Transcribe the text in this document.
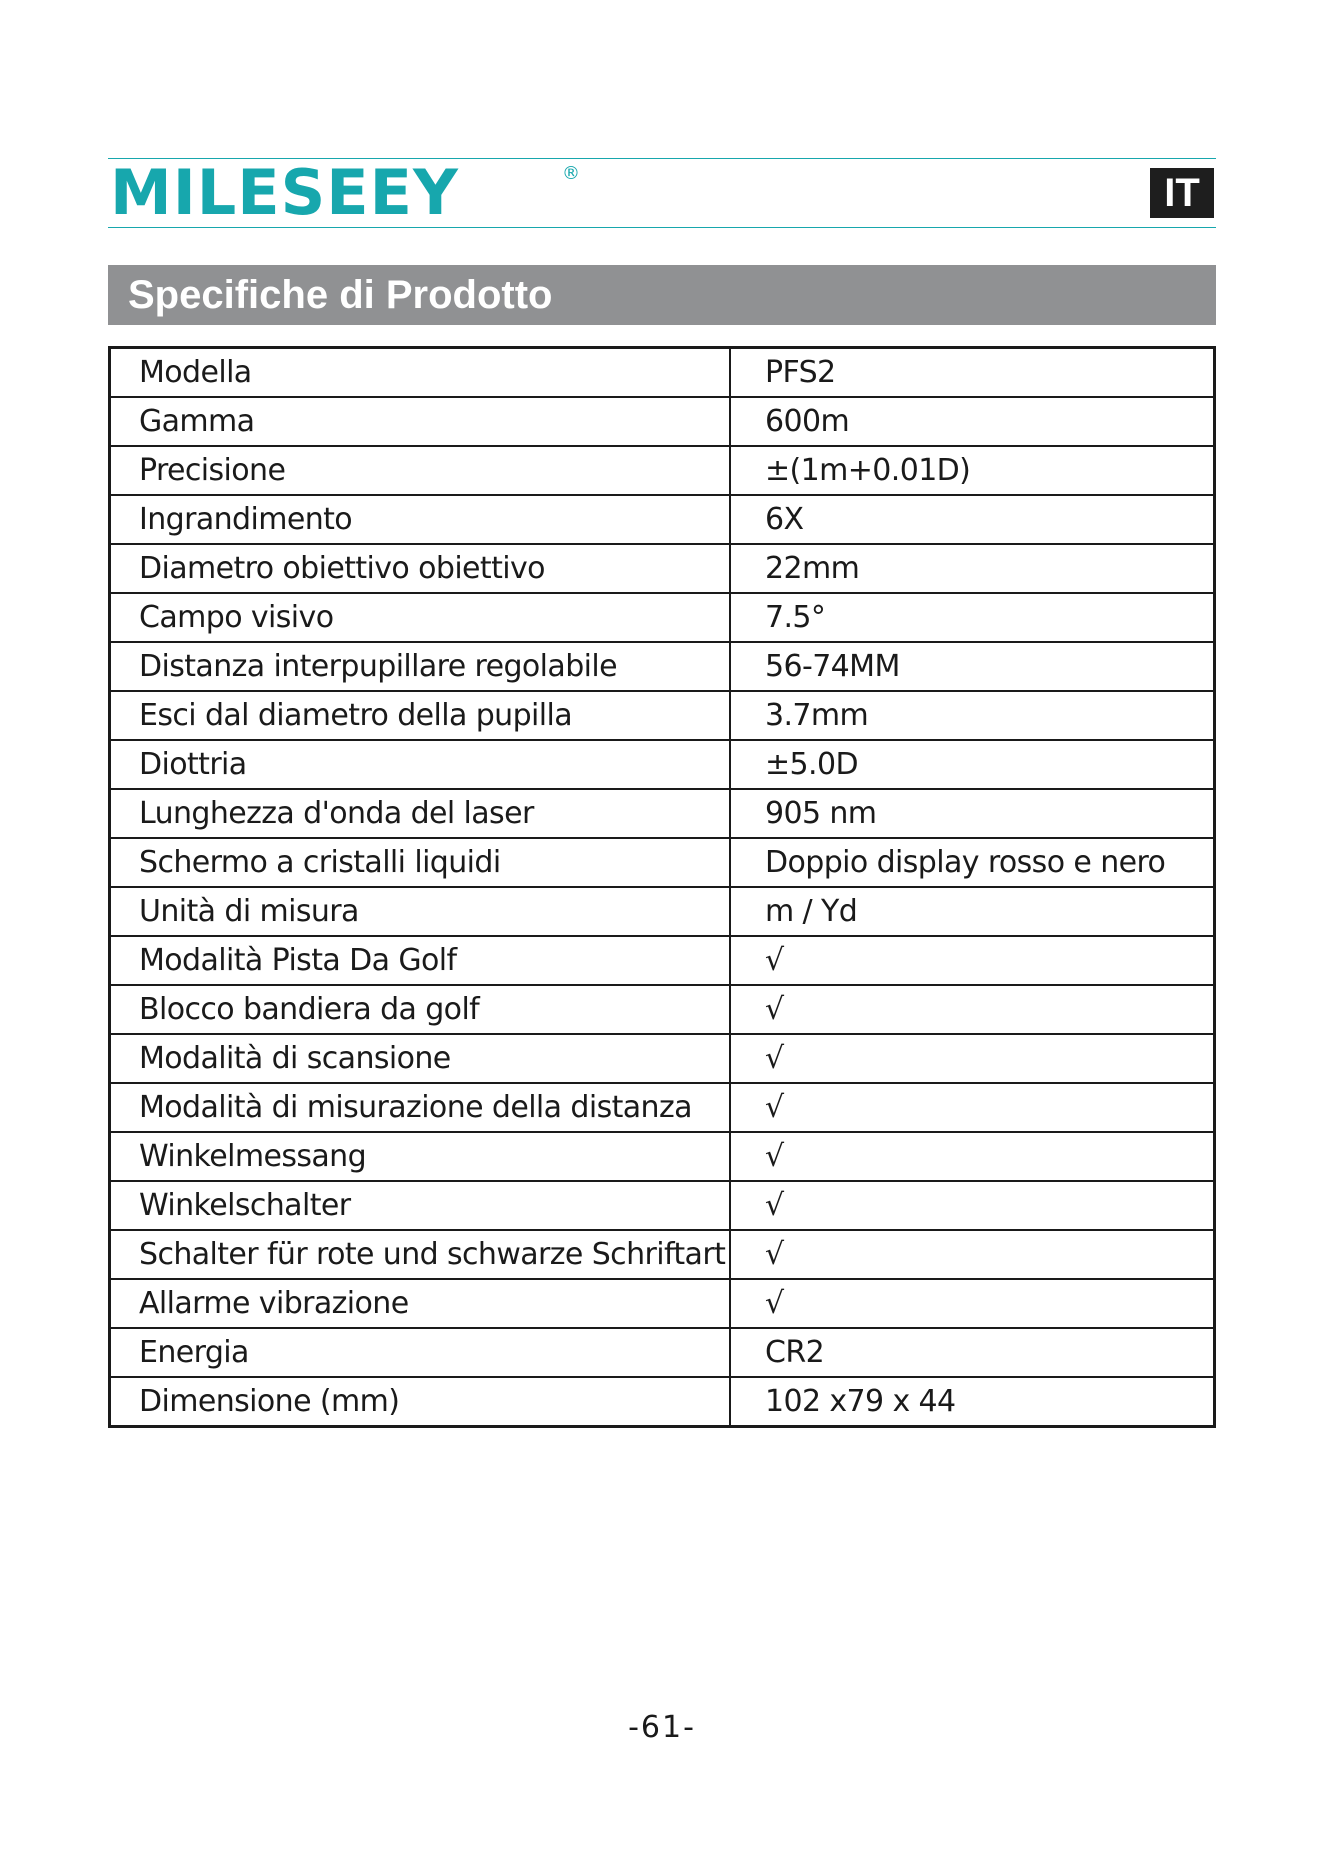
MILESEEY	®	IT
Specifiche di Prodotto
Modella	PFS2
Gamma	600m
Precisione	±(1m+0.01D)
Ingrandimento	6X
Diametro obiettivo obiettivo	22mm
Campo visivo	7.5°
Distanza interpupillare regolabile	56-74MM
Esci dal diametro della pupilla	3.7mm
Diottria	±5.0D
Lunghezza d'onda del laser	905 nm
Schermo a cristalli liquidi	Doppio display rosso e nero
Unità di misura	m / Yd
Modalità Pista Da Golf	√
Blocco bandiera da golf	√
Modalità di scansione	√
Modalità di misurazione della distanza	√
Winkelmessang	√
Winkelschalter	√
Schalter für rote und schwarze Schriftart	√
Allarme vibrazione	√
Energia	CR2
Dimensione (mm)	102 x79 x 44
-61-
